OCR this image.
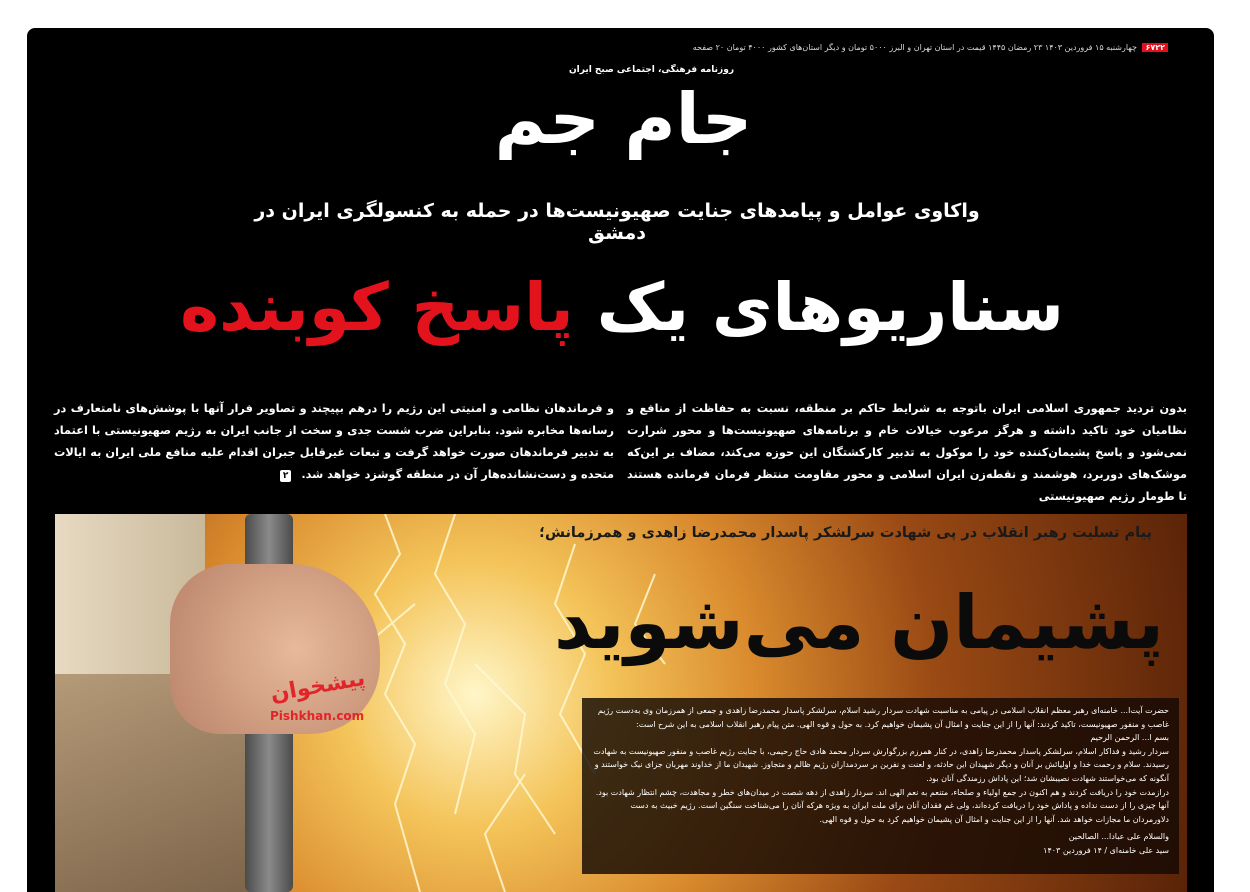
۶۷۲۲ چهارشنبه ۱۵ فروردین ۱۴۰۳ ۲۳ رمضان ۱۴۴۵ قیمت در استان تهران و البرز ۵۰۰۰ تومان و دیگر استان‌های کشور ۴۰۰۰ تومان ۲۰ صفحه
روزنامه فرهنگی، اجتماعی صبح ایران
جام جم
واکاوی عوامل و پیامدهای جنایت صهیونیست‌ها در حمله به کنسولگری ایران در دمشق
سناریوهای یک پاسخ کوبنده
بدون تردید جمهوری اسلامی ایران باتوجه به شرایط حاکم بر منطقه، نسبت به حفاظت از منافع و نظامیان خود تاکید داشته و هرگز مرعوب خیالات خام و برنامه‌های صهیونیست‌ها و محور شرارت نمی‌شود و پاسخ پشیمان‌کننده خود را موکول به تدبیر کارکشتگان این حوزه می‌کند، مضاف بر این‌که موشک‌های دوربرد، هوشمند و نقطه‌زن ایران اسلامی و محور مقاومت منتظر فرمان فرمانده هستند تا طومار رژیم صهیونیستی
و فرماندهان نظامی و امنیتی این رژیم را درهم بپیچند و تصاویر فرار آنها با پوشش‌های نامتعارف در رسانه‌ها مخابره شود. بنابراین ضرب شست جدی و سخت از جانب ایران به رژیم صهیونیستی با اعتماد به تدبیر فرماندهان صورت خواهد گرفت و تبعات غیرقابل جبران اقدام علیه منافع ملی ایران به ایالات متحده و دست‌نشانده‌هار آن در منطقه گوشزد خواهد شد. ۲
پیشخوان
Pishkhan.com
پیام تسلیت رهبر انقلاب در پی شهادت سرلشکر پاسدار محمدرضا زاهدی و همرزمانش؛
پشیمان می‌شوید

حضرت آیت‌ا... خامنه‌ای رهبر معظم انقلاب اسلامی در پیامی به مناسبت شهادت سردار رشید اسلام، سرلشکر پاسدار محمدرضا زاهدی و جمعی از همرزمان وی به‌دست رژیم غاصب و منفور صهیونیست، تاکید کردند: آنها را از این جنایت و امثال آن پشیمان خواهیم کرد. به حول و قوه الهی. متن پیام رهبر انقلاب اسلامی به این شرح است:

بسم ا... الرحمن الرحیم

سردار رشید و فداکار اسلام، سرلشکر پاسدار محمدرضا زاهدی، در کنار همرزم بزرگوارش سردار محمد هادی حاج رحیمی، با جنایت رژیم غاصب و منفور صهیونیست به شهادت رسیدند. سلام و رحمت خدا و اولیائش بر آنان و دیگر شهیدان این حادثه، و لعنت و نفرین بر سردمداران رژیم ظالم و متجاوز. شهیدان ما از خداوند مهربان جزای نیک خواستند و آنگونه که می‌خواستند شهادت نصیبشان شد؛ این پاداش رزمندگی آنان بود.

درازمدت خود را دریافت کردند و هم اکنون در جمع اولیاء و صلحاء، متنعم به نعم الهی اند. سردار زاهدی از دهه شصت در میدان‌های خطر و مجاهدت، چشم انتظار شهادت بود. آنها چیزی را از دست نداده و پاداش خود را دریافت کرده‌اند، ولی غم فقدان آنان برای ملت ایران به ویژه هرکه آنان را می‌شناخت سنگین است. رژیم خبیث به دست دلاورمردان ما مجازات خواهد شد. آنها را از این جنایت و امثال آن پشیمان خواهیم کرد به حول و قوه الهی.

والسلام علی عبادا... الصالحین

سید علی خامنه‌ای / ۱۴ فروردین ۱۴۰۳
